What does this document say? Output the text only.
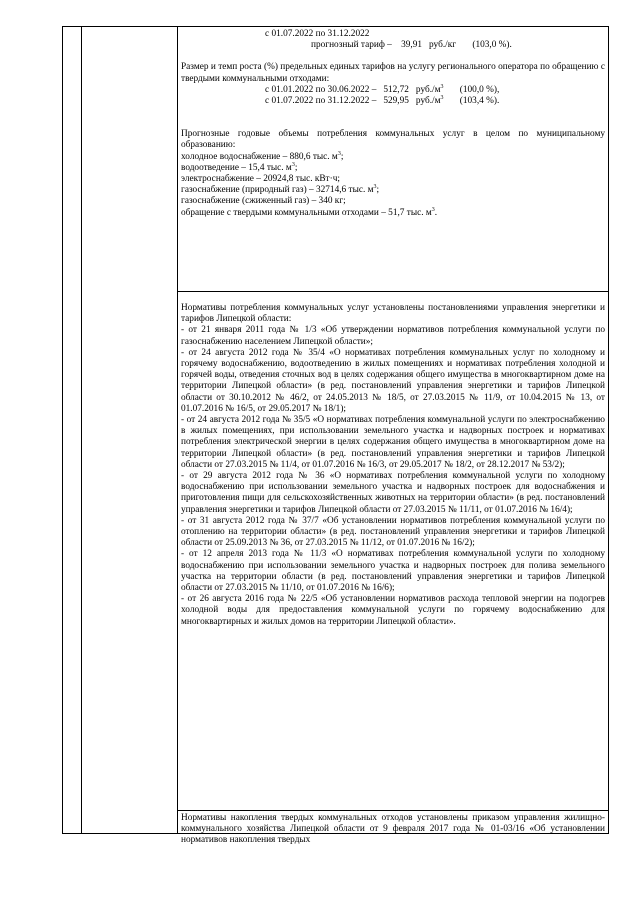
с 01.07.2022 по 31.12.2022

прогнозный тариф – 39,91 руб./кг (103,0 %).

Размер и темп роста (%) предельных единых тарифов на услугу регионального оператора по обращению с твердыми коммунальными отходами:

с 01.01.2022 по 30.06.2022 – 512,72 $руб./м^3$ (100,0 %),

с 01.07.2022 по 31.12.2022 – 529,95 $руб./м^3$ (103,4 %).

Прогнозные годовые объемы потребления коммунальных услуг в целом по муниципальному образованию:

холодное водоснабжение – 880,6 тыс. $м^3$;

водоотведение – 15,4 тыс. $м^3$;

электроснабжение – 20924,8 тыс. кВт·ч;

газоснабжение (природный газ) – 32714,6 тыс. $м^3$;

газоснабжение (сжиженный газ) – 340 кг;

обращение с твердыми коммунальными отходами – 51,7 тыс. $м^3$.

Нормативы потребления коммунальных услуг установлены постановлениями управления энергетики и тарифов Липецкой области:

- от 21 января 2011 года № 1/3 «Об утверждении нормативов потребления коммунальной услуги по газоснабжению населением Липецкой области»;

- от 24 августа 2012 года № 35/4 «О нормативах потребления коммунальных услуг по холодному и горячему водоснабжению, водоотведению в жилых помещениях и нормативах потребления холодной и горячей воды, отведения сточных вод в целях содержания общего имущества в многоквартирном доме на территории Липецкой области» (в ред. постановлений управления энергетики и тарифов Липецкой области от 30.10.2012 № 46/2, от 24.05.2013 № 18/5, от 27.03.2015 № 11/9, от 10.04.2015 № 13, от 01.07.2016 № 16/5, от 29.05.2017 № 18/1);

- от 24 августа 2012 года № 35/5 «О нормативах потребления коммунальной услуги по электроснабжению в жилых помещениях, при использовании земельного участка и надворных построек и нормативах потребления электрической энергии в целях содержания общего имущества в многоквартирном доме на территории Липецкой области» (в ред. постановлений управления энергетики и тарифов Липецкой области от 27.03.2015 № 11/4, от 01.07.2016 № 16/3, от 29.05.2017 № 18/2, от 28.12.2017 № 53/2);

- от 29 августа 2012 года № 36 «О нормативах потребления коммунальной услуги по холодному водоснабжению при использовании земельного участка и надворных построек для водоснабжения и приготовления пищи для сельскохозяйственных животных на территории области» (в ред. постановлений управления энергетики и тарифов Липецкой области от 27.03.2015 № 11/11, от 01.07.2016 № 16/4);

- от 31 августа 2012 года № 37/7 «Об установлении нормативов потребления коммунальной услуги по отоплению на территории области» (в ред. постановлений управления энергетики и тарифов Липецкой области от 25.09.2013 № 36, от 27.03.2015 № 11/12, от 01.07.2016 № 16/2);

- от 12 апреля 2013 года № 11/3 «О нормативах потребления коммунальной услуги по холодному водоснабжению при использовании земельного участка и надворных построек для полива земельного участка на территории области (в ред. постановлений управления энергетики и тарифов Липецкой области от 27.03.2015 № 11/10, от 01.07.2016 № 16/6);

- от 26 августа 2016 года № 22/5 «Об установлении нормативов расхода тепловой энергии на подогрев холодной воды для предоставления коммунальной услуги по горячему водоснабжению для многоквартирных и жилых домов на территории Липецкой области».

Нормативы накопления твердых коммунальных отходов установлены приказом управления жилищно-коммунального хозяйства Липецкой области от 9 февраля 2017 года № 01-03/16 «Об установлении нормативов накопления твердых
